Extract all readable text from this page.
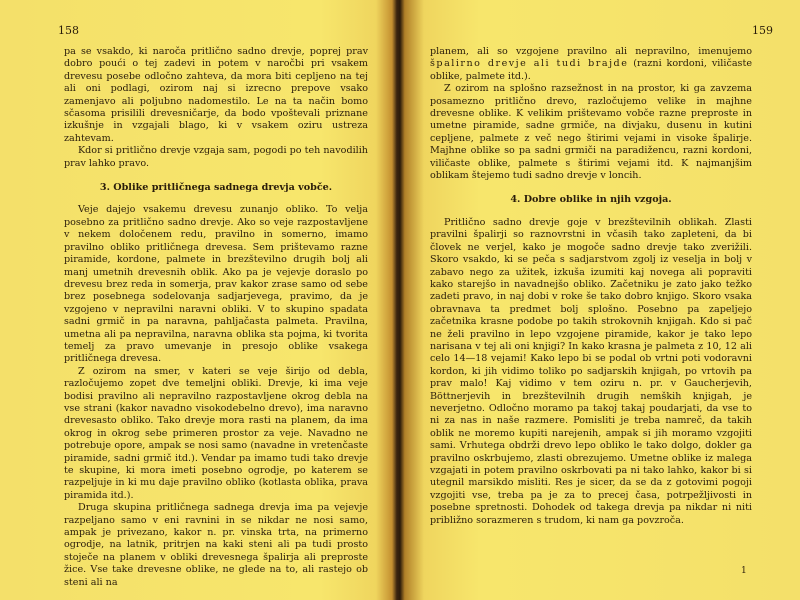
158

pa se vsakdo, ki naroča pritlično sadno drevje, poprej prav dobro poući o tej zadevi in potem v naročbi pri vsakem drevesu posebe odločno zahteva, da mora biti cepljeno na tej ali oni podlagi, ozirom naj si izrecno prepove vsako zamenjavo ali poljubno nadomestilo. Le na ta način bomo sčasoma prisilili drevesničarje, da bodo vpoštevali priznane izkušnje in vzgajali blago, ki v vsakem oziru ustreza zahtevam.

Kdor si pritlično drevje vzgaja sam, pogodi po teh navodilih prav lahko pravo.

3. Oblike pritličnega sadnega drevja vobče.

Veje dajejo vsakemu drevesu zunanjo obliko. To velja posebno za pritlično sadno drevje. Ako so veje razpostavljene v nekem določenem redu, pravilno in somerno, imamo pravilno obliko pritličnega drevesa. Sem prištevamo razne piramide, kordone, palmete in brezštevilno drugih bolj ali manj umetnih drevesnih oblik. Ako pa je vejevje doraslo po drevesu brez reda in somerja, prav kakor zrase samo od sebe brez posebnega sodelovanja sadjarjevega, pravimo, da je vzgojeno v nepravilni naravni obliki. V to skupino spadata sadni grmič in pa naravna, pahljačasta palmeta. Pravilna, umetna ali pa nepravilna, naravna oblika sta pojma, ki tvorita temelj za pravo umevanje in presojo oblike vsakega pritličnega drevesa.

Z ozirom na smer, v kateri se veje širijo od debla, razločujemo zopet dve temeljni obliki. Drevje, ki ima veje bodisi pravilno ali nepravilno razpostavljene okrog debla na vse strani (kakor navadno visokodebelno drevo), ima naravno drevesasto obliko. Tako drevje mora rasti na planem, da ima okrog in okrog sebe primeren prostor za veje. Navadno ne potrebuje opore, ampak se nosi samo (navadne in vretenčaste piramide, sadni grmič itd.). Vendar pa imamo tudi tako drevje te skupine, ki mora imeti posebno ogrodje, po katerem se razpeljuje in ki mu daje pravilno obliko (kotlasta oblika, prava piramida itd.).

Druga skupina pritličnega sadnega drevja ima pa vejevje razpeljano samo v eni ravnini in se nikdar ne nosi samo, ampak je privezano, kakor n. pr. vinska trta, na primerno ogrodje, na latnik, pritrjen na kaki steni ali pa tudi prosto stoječe na planem v obliki drevesnega špalirja ali preproste žice. Vse take drevesne oblike, ne glede na to, ali rastejo ob steni ali na

159

planem, ali so vzgojene pravilno ali nepravilno, imenujemo špalirno drevje ali tudi brajde (razni kordoni, viličaste oblike, palmete itd.).

Z ozirom na splošno razsežnost in na prostor, ki ga zavzema posamezno pritlično drevo, razločujemo velike in majhne drevesne oblike. K velikim prištevamo vobče razne preproste in umetne piramide, sadne grmiče, na divjaku, dusenu in kutini cepljene, palmete z več nego štirimi vejami in visoke špalirje. Majhne oblike so pa sadni grmiči na paradižencu, razni kordoni, viličaste oblike, palmete s štirimi vejami itd. K najmanjšim oblikam štejemo tudi sadno drevje v loncih.

4. Dobre oblike in njih vzgoja.

Pritlično sadno drevje goje v brezštevilnih oblikah. Zlasti pravilni špalirji so raznovrstni in včasih tako zapleteni, da bi človek ne verjel, kako je mogoče sadno drevje tako zverižili. Skoro vsakdo, ki se peča s sadjarstvom zgolj iz veselja in bolj v zabavo nego za užitek, izkuša izumiti kaj novega ali popraviti kako starejšo in navadnejšo obliko. Začetniku je zato jako težko zadeti pravo, in naj dobi v roke še tako dobro knjigo. Skoro vsaka obravnava ta predmet bolj splošno. Posebno pa zapeljejo začetnika krasne podobe po takih strokovnih knjigah. Kdo si pač ne želi pravilno in lepo vzgojene piramide, kakor je tako lepo narisana v tej ali oni knjigi? In kako krasna je palmeta z 10, 12 ali celo 14—18 vejami! Kako lepo bi se podal ob vrtni poti vodoravni kordon, ki jih vidimo toliko po sadjarskih knjigah, po vrtovih pa prav malo! Kaj vidimo v tem oziru n. pr. v Gaucherjevih, Böttnerjevih in brezštevilnih drugih nemških knjigah, je neverjetno. Odločno moramo pa takoj takaj poudarjati, da vse to ni za nas in naše razmere. Pomisliti je treba namreč, da takih oblik ne moremo kupiti narejenih, ampak si jih moramo vzgojiti sami. Vrhutega obdrži drevo lepo obliko le tako dolgo, dokler ga pravilno oskrbujemo, zlasti obrezujemo. Umetne oblike iz malega vzgajati in potem pravilno oskrbovati pa ni tako lahko, kakor bi si utegnil marsikdo misliti. Res je sicer, da se da z gotovimi pogoji vzgojiti vse, treba pa je za to precej časa, potrpežljivosti in posebne spretnosti. Dohodek od takega drevja pa nikdar ni niti približno sorazmeren s trudom, ki nam ga povzroča.

1
